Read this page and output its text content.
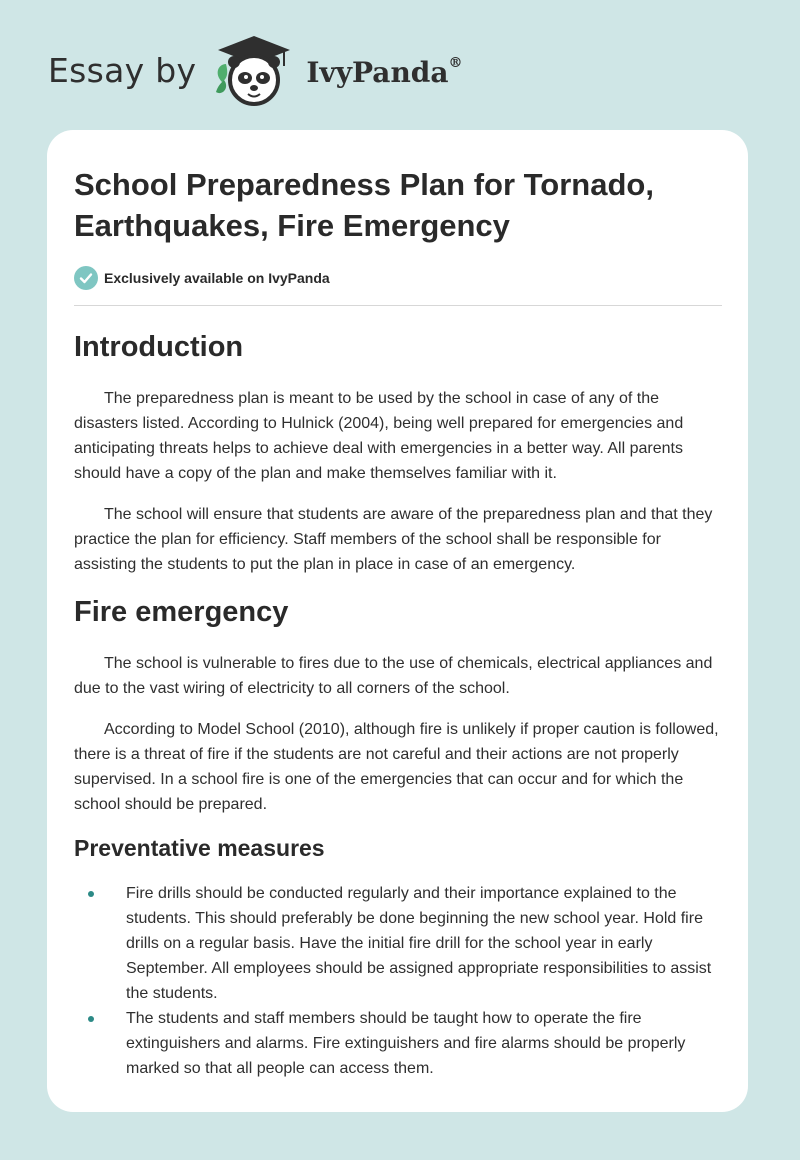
Essay by	IvyPanda®
School Preparedness Plan for Tornado, Earthquakes, Fire Emergency
Exclusively available on IvyPanda
Introduction

The preparedness plan is meant to be used by the school in case of any of the disasters listed. According to Hulnick (2004), being well prepared for emergencies and anticipating threats helps to achieve deal with emergencies in a better way. All parents should have a copy of the plan and make themselves familiar with it.

The school will ensure that students are aware of the preparedness plan and that they practice the plan for efficiency. Staff members of the school shall be responsible for assisting the students to put the plan in place in case of an emergency.

Fire emergency

The school is vulnerable to fires due to the use of chemicals, electrical appliances and due to the vast wiring of electricity to all corners of the school.

According to Model School (2010), although fire is unlikely if proper caution is followed, there is a threat of fire if the students are not careful and their actions are not properly supervised. In a school fire is one of the emergencies that can occur and for which the school should be prepared.

Preventative measures
Fire drills should be conducted regularly and their importance explained to the students. This should preferably be done beginning the new school year. Hold fire drills on a regular basis. Have the initial fire drill for the school year in early September. All employees should be assigned appropriate responsibilities to assist the students.
The students and staff members should be taught how to operate the fire extinguishers and alarms. Fire extinguishers and fire alarms should be properly marked so that all people can access them.
